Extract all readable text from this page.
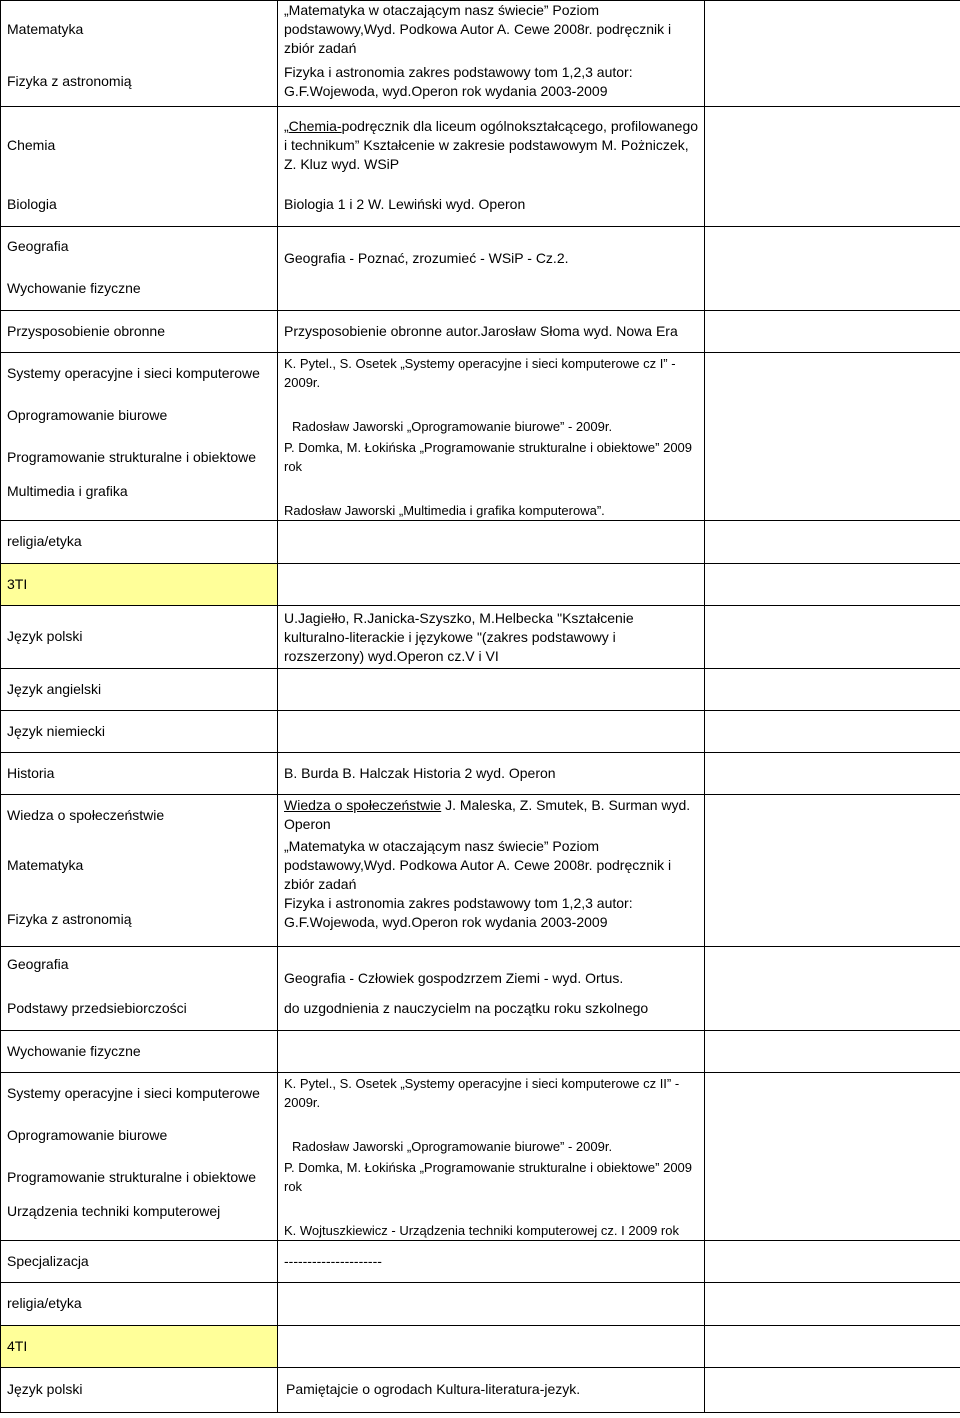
Matematyka	„Matematyka w otaczającym nasz świecie” Poziom podstawowy,Wyd. Podkowa Autor A. Cewe 2008r. podręcznik i zbiór zadań	
Fizyka z astronomią	Fizyka i astronomia zakres podstawowy tom 1,2,3 autor: G.F.Wojewoda, wyd.Operon rok wydania 2003-2009	
Chemia	„Chemia-podręcznik dla liceum ogólnokształcącego, profilowanego i technikum” Kształcenie w zakresie podstawowym M. Pożniczek, Z. Kluz wyd. WSiP	
Biologia	Biologia 1 i 2 W. Lewiński wyd. Operon	
Geografia	Geografia - Poznać, zrozumieć - WSiP - Cz.2.	
Wychowanie fizyczne		
Przysposobienie obronne	Przysposobienie obronne autor.Jarosław Słoma wyd. Nowa Era	
Systemy operacyjne i sieci komputerowe	K. Pytel., S. Osetek „Systemy operacyjne i sieci komputerowe cz I” - 2009r.	
Oprogramowanie biurowe	Radosław Jaworski „Oprogramowanie biurowe” - 2009r.	
Programowanie strukturalne i obiektowe	P. Domka, M. Łokińska „Programowanie strukturalne i obiektowe” 2009 rok	
Multimedia i grafika	Radosław Jaworski „Multimedia i grafika komputerowa”.	
religia/etyka		
3TI		
Język polski	U.Jagiełło, R.Janicka-Szyszko, M.Helbecka "Kształcenie kulturalno-literackie i językowe "(zakres podstawowy i rozszerzony) wyd.Operon cz.V i VI	
Język angielski		
Język niemiecki		
Historia	B. Burda B. Halczak Historia 2 wyd. Operon	
Wiedza o społeczeństwie	Wiedza o społeczeństwie J. Maleska, Z. Smutek, B. Surman wyd. Operon	
Matematyka	„Matematyka w otaczającym nasz świecie” Poziom podstawowy,Wyd. Podkowa Autor A. Cewe 2008r. podręcznik i zbiór zadań	
Fizyka z astronomią	Fizyka i astronomia zakres podstawowy tom 1,2,3 autor: G.F.Wojewoda, wyd.Operon rok wydania 2003-2009	
Geografia	Geografia - Człowiek gospodzrzem Ziemi - wyd. Ortus.	
Podstawy przedsiebiorczości	do uzgodnienia z nauczycielm na początku roku szkolnego	
Wychowanie fizyczne		
Systemy operacyjne i sieci komputerowe	K. Pytel., S. Osetek „Systemy operacyjne i sieci komputerowe cz II” - 2009r.	
Oprogramowanie biurowe	Radosław Jaworski „Oprogramowanie biurowe” - 2009r.	
Programowanie strukturalne i obiektowe	P. Domka, M. Łokińska „Programowanie strukturalne i obiektowe” 2009 rok	
Urządzenia techniki komputerowej	K. Wojtuszkiewicz - Urządzenia techniki komputerowej cz. I 2009 rok	
Specjalizacja	---------------------	
religia/etyka		
4TI		
Język polski	Pamiętajcie o ogrodach Kultura-literatura-jezyk.	
